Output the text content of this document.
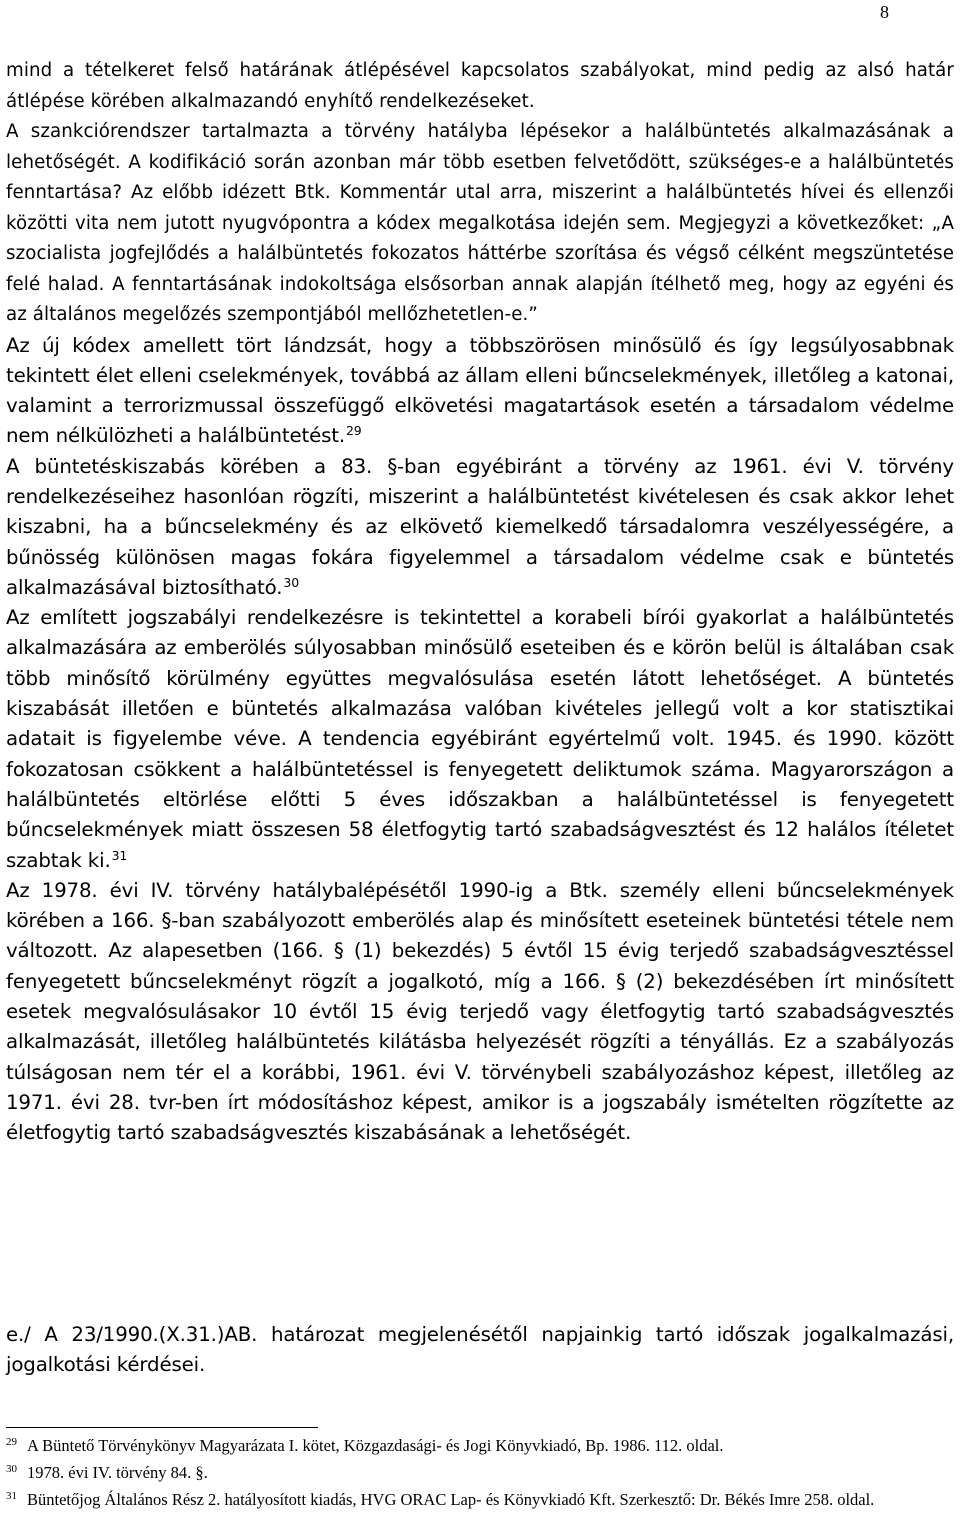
8

mind a tételkeret felső határának átlépésével kapcsolatos szabályokat, mind pedig az alsó határ átlépése körében alkalmazandó enyhítő rendelkezéseket.

A szankciórendszer tartalmazta a törvény hatályba lépésekor a halálbüntetés alkalmazásának a lehetőségét. A kodifikáció során azonban már több esetben felvetődött, szükséges-e a halálbüntetés fenntartása? Az előbb idézett Btk. Kommentár utal arra, miszerint a halálbüntetés hívei és ellenzői közötti vita nem jutott nyugvópontra a kódex megalkotása idején sem. Megjegyzi a következőket: „A szocialista jogfejlődés a halálbüntetés fokozatos háttérbe szorítása és végső célként megszüntetése felé halad. A fenntartásának indokoltsága elsősorban annak alapján ítélhető meg, hogy az egyéni és az általános megelőzés szempontjából mellőzhetetlen-e.”

Az új kódex amellett tört lándzsát, hogy a többszörösen minősülő és így legsúlyosabbnak tekintett élet elleni cselekmények, továbbá az állam elleni bűncselekmények, illetőleg a katonai, valamint a terrorizmussal összefüggő elkövetési magatartások esetén a társadalom védelme nem nélkülözheti a halálbüntetést.$^{29}$

A büntetéskiszabás körében a 83. §-ban egyébiránt a törvény az 1961. évi V. törvény rendelkezéseihez hasonlóan rögzíti, miszerint a halálbüntetést kivételesen és csak akkor lehet kiszabni, ha a bűncselekmény és az elkövető kiemelkedő társadalomra veszélyességére, a bűnösség különösen magas fokára figyelemmel a társadalom védelme csak e büntetés alkalmazásával biztosítható.$^{30}$

Az említett jogszabályi rendelkezésre is tekintettel a korabeli bírói gyakorlat a halálbüntetés alkalmazására az emberölés súlyosabban minősülő eseteiben és e körön belül is általában csak több minősítő körülmény együttes megvalósulása esetén látott lehetőséget. A büntetés kiszabását illetően e büntetés alkalmazása valóban kivételes jellegű volt a kor statisztikai adatait is figyelembe véve. A tendencia egyébiránt egyértelmű volt. 1945. és 1990. között fokozatosan csökkent a halálbüntetéssel is fenyegetett deliktumok száma. Magyarországon a halálbüntetés eltörlése előtti 5 éves időszakban a halálbüntetéssel is fenyegetett bűncselekmények miatt összesen 58 életfogytig tartó szabadságvesztést és 12 halálos ítéletet szabtak ki.$^{31}$

Az 1978. évi IV. törvény hatálybalépésétől 1990-ig a Btk. személy elleni bűncselekmények körében a 166. §-ban szabályozott emberölés alap és minősített eseteinek büntetési tétele nem változott. Az alapesetben (166. § (1) bekezdés) 5 évtől 15 évig terjedő szabadságvesztéssel fenyegetett bűncselekményt rögzít a jogalkotó, míg a 166. § (2) bekezdésében írt minősített esetek megvalósulásakor 10 évtől 15 évig terjedő vagy életfogytig tartó szabadságvesztés alkalmazását, illetőleg halálbüntetés kilátásba helyezését rögzíti a tényállás. Ez a szabályozás túlságosan nem tér el a korábbi, 1961. évi V. törvénybeli szabályozáshoz képest, illetőleg az 1971. évi 28. tvr-ben írt módosításhoz képest, amikor is a jogszabály ismételten rögzítette az életfogytig tartó szabadságvesztés kiszabásának a lehetőségét.

e./ A 23/1990.(X.31.)AB. határozat megjelenésétől napjainkig tartó időszak jogalkalmazási, jogalkotási kérdései.

$^{29}$ A Büntető Törvénykönyv Magyarázata I. kötet, Közgazdasági- és Jogi Könyvkiadó, Bp. 1986. 112. oldal.

$^{30}$ 1978. évi IV. törvény 84. §.

$^{31}$ Büntetőjog Általános Rész 2. hatályosított kiadás, HVG ORAC Lap- és Könyvkiadó Kft. Szerkesztő: Dr. Békés Imre 258. oldal.
